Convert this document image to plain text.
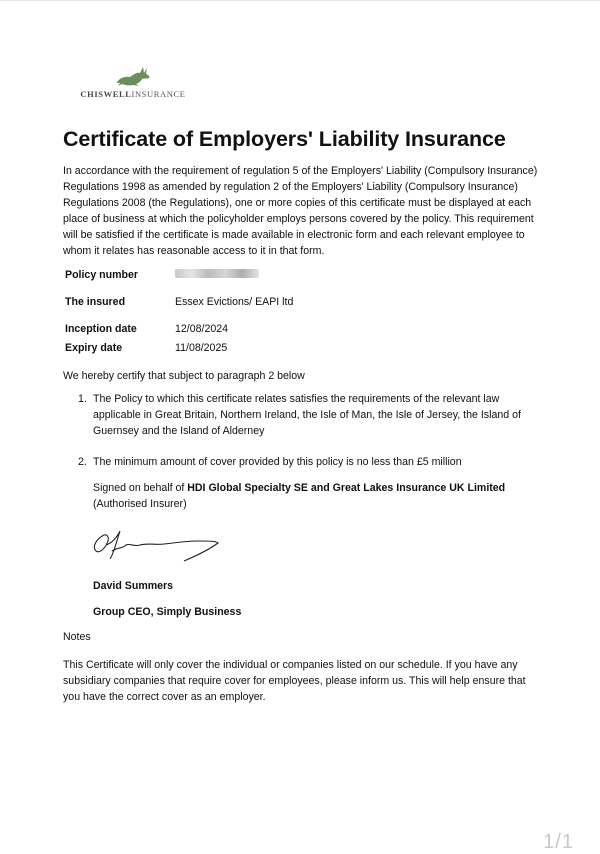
CHISWELLINSURANCE
Certificate of Employers' Liability Insurance

In accordance with the requirement of regulation 5 of the Employers' Liability (Compulsory Insurance) Regulations 1998 as amended by regulation 2 of the Employers' Liability (Compulsory Insurance) Regulations 2008 (the Regulations), one or more copies of this certificate must be displayed at each place of business at which the policyholder employs persons covered by the policy. This requirement will be satisfied if the certificate is made available in electronic form and each relevant employee to whom it relates has reasonable access to it in that form.

Policy number	
The insured	Essex Evictions/ EAPI ltd
Inception date	12/08/2024
Expiry date	11/08/2025

We hereby certify that subject to paragraph 2 below

1. The Policy to which this certificate relates satisfies the requirements of the relevant law applicable in Great Britain, Northern Ireland, the Isle of Man, the Isle of Jersey, the Island of Guernsey and the Island of Alderney
2. The minimum amount of cover provided by this policy is no less than £5 million
Signed on behalf of HDI Global Specialty SE and Great Lakes Insurance UK Limited
(Authorised Insurer)
David Summers
Group CEO, Simply Business
Notes

This Certificate will only cover the individual or companies listed on our schedule. If you have any subsidiary companies that require cover for employees, please inform us. This will help ensure that you have the correct cover as an employer.

1/1
